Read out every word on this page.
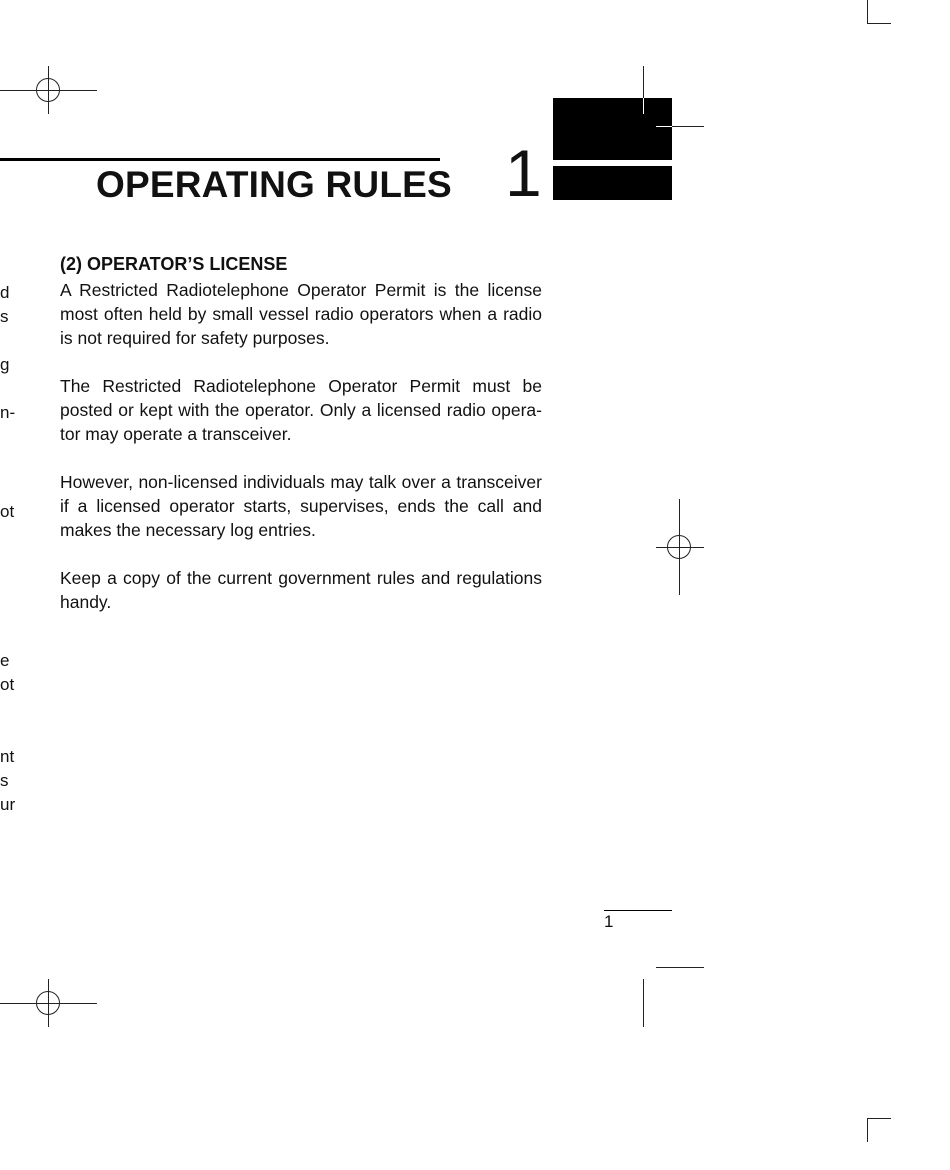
OPERATING RULES 1
d
s
g
n-
ot
e
ot
nt
s
ur
(2) OPERATOR’S LICENSE

A Restricted Radiotelephone Operator Permit is the license most often held by small vessel radio operators when a radio is not required for safety purposes.

The Restricted Radiotelephone Operator Permit must be posted or kept with the operator. Only a licensed radio opera-tor may operate a transceiver.

However, non-licensed individuals may talk over a transceiver if a licensed operator starts, supervises, ends the call and makes the necessary log entries.

Keep a copy of the current government rules and regulations handy.

1
